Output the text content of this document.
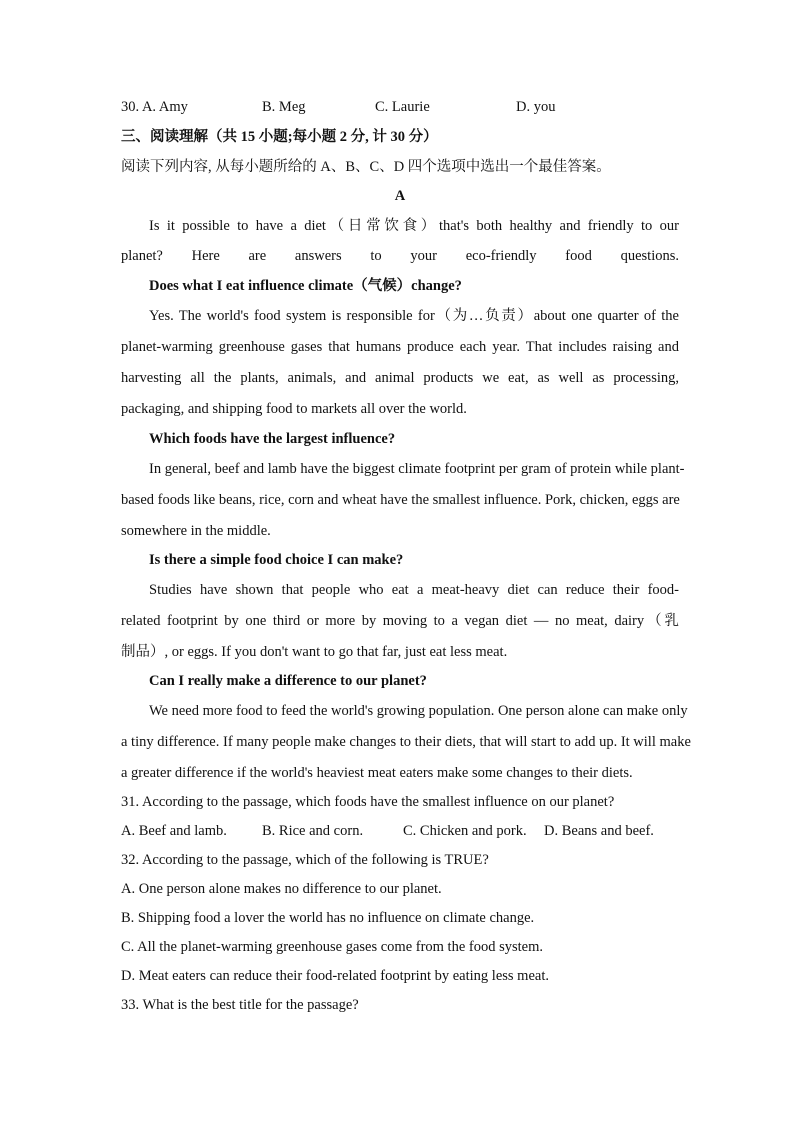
30. A. Amy	B. Meg	C. Laurie	D. you
三、阅读理解（共 15 小题;每小题 2 分, 计 30 分）
阅读下列内容, 从每小题所给的 A、B、C、D 四个选项中选出一个最佳答案。
A
Is it possible to have a diet（日常饮食）that's both healthy and friendly to our
planet? Here are answers to your eco-friendly food questions.
Does what I eat influence climate（气候）change?
Yes. The world's food system is responsible for（为…负责）about one quarter of the
planet-warming greenhouse gases that humans produce each year. That includes raising and
harvesting all the plants, animals, and animal products we eat, as well as processing,
packaging, and shipping food to markets all over the world.
Which foods have the largest influence?
In general, beef and lamb have the biggest climate footprint per gram of protein while plant-
based foods like beans, rice, corn and wheat have the smallest influence. Pork, chicken, eggs are
somewhere in the middle.
Is there a simple food choice I can make?
Studies have shown that people who eat a meat-heavy diet can reduce their food-
related footprint by one third or more by moving to a vegan diet — no meat, dairy（乳
制品）, or eggs. If you don't want to go that far, just eat less meat.
Can I really make a difference to our planet?
We need more food to feed the world's growing population. One person alone can make only
a tiny difference. If many people make changes to their diets, that will start to add up. It will make
a greater difference if the world's heaviest meat eaters make some changes to their diets.
31. According to the passage, which foods have the smallest influence on our planet?
A. Beef and lamb. B. Rice and corn.	C. Chicken and pork. D. Beans and beef.
32. According to the passage, which of the following is TRUE?
A. One person alone makes no difference to our planet.
B. Shipping food a lover the world has no influence on climate change.
C. All the planet-warming greenhouse gases come from the food system.
D. Meat eaters can reduce their food-related footprint by eating less meat.
33. What is the best title for the passage?
